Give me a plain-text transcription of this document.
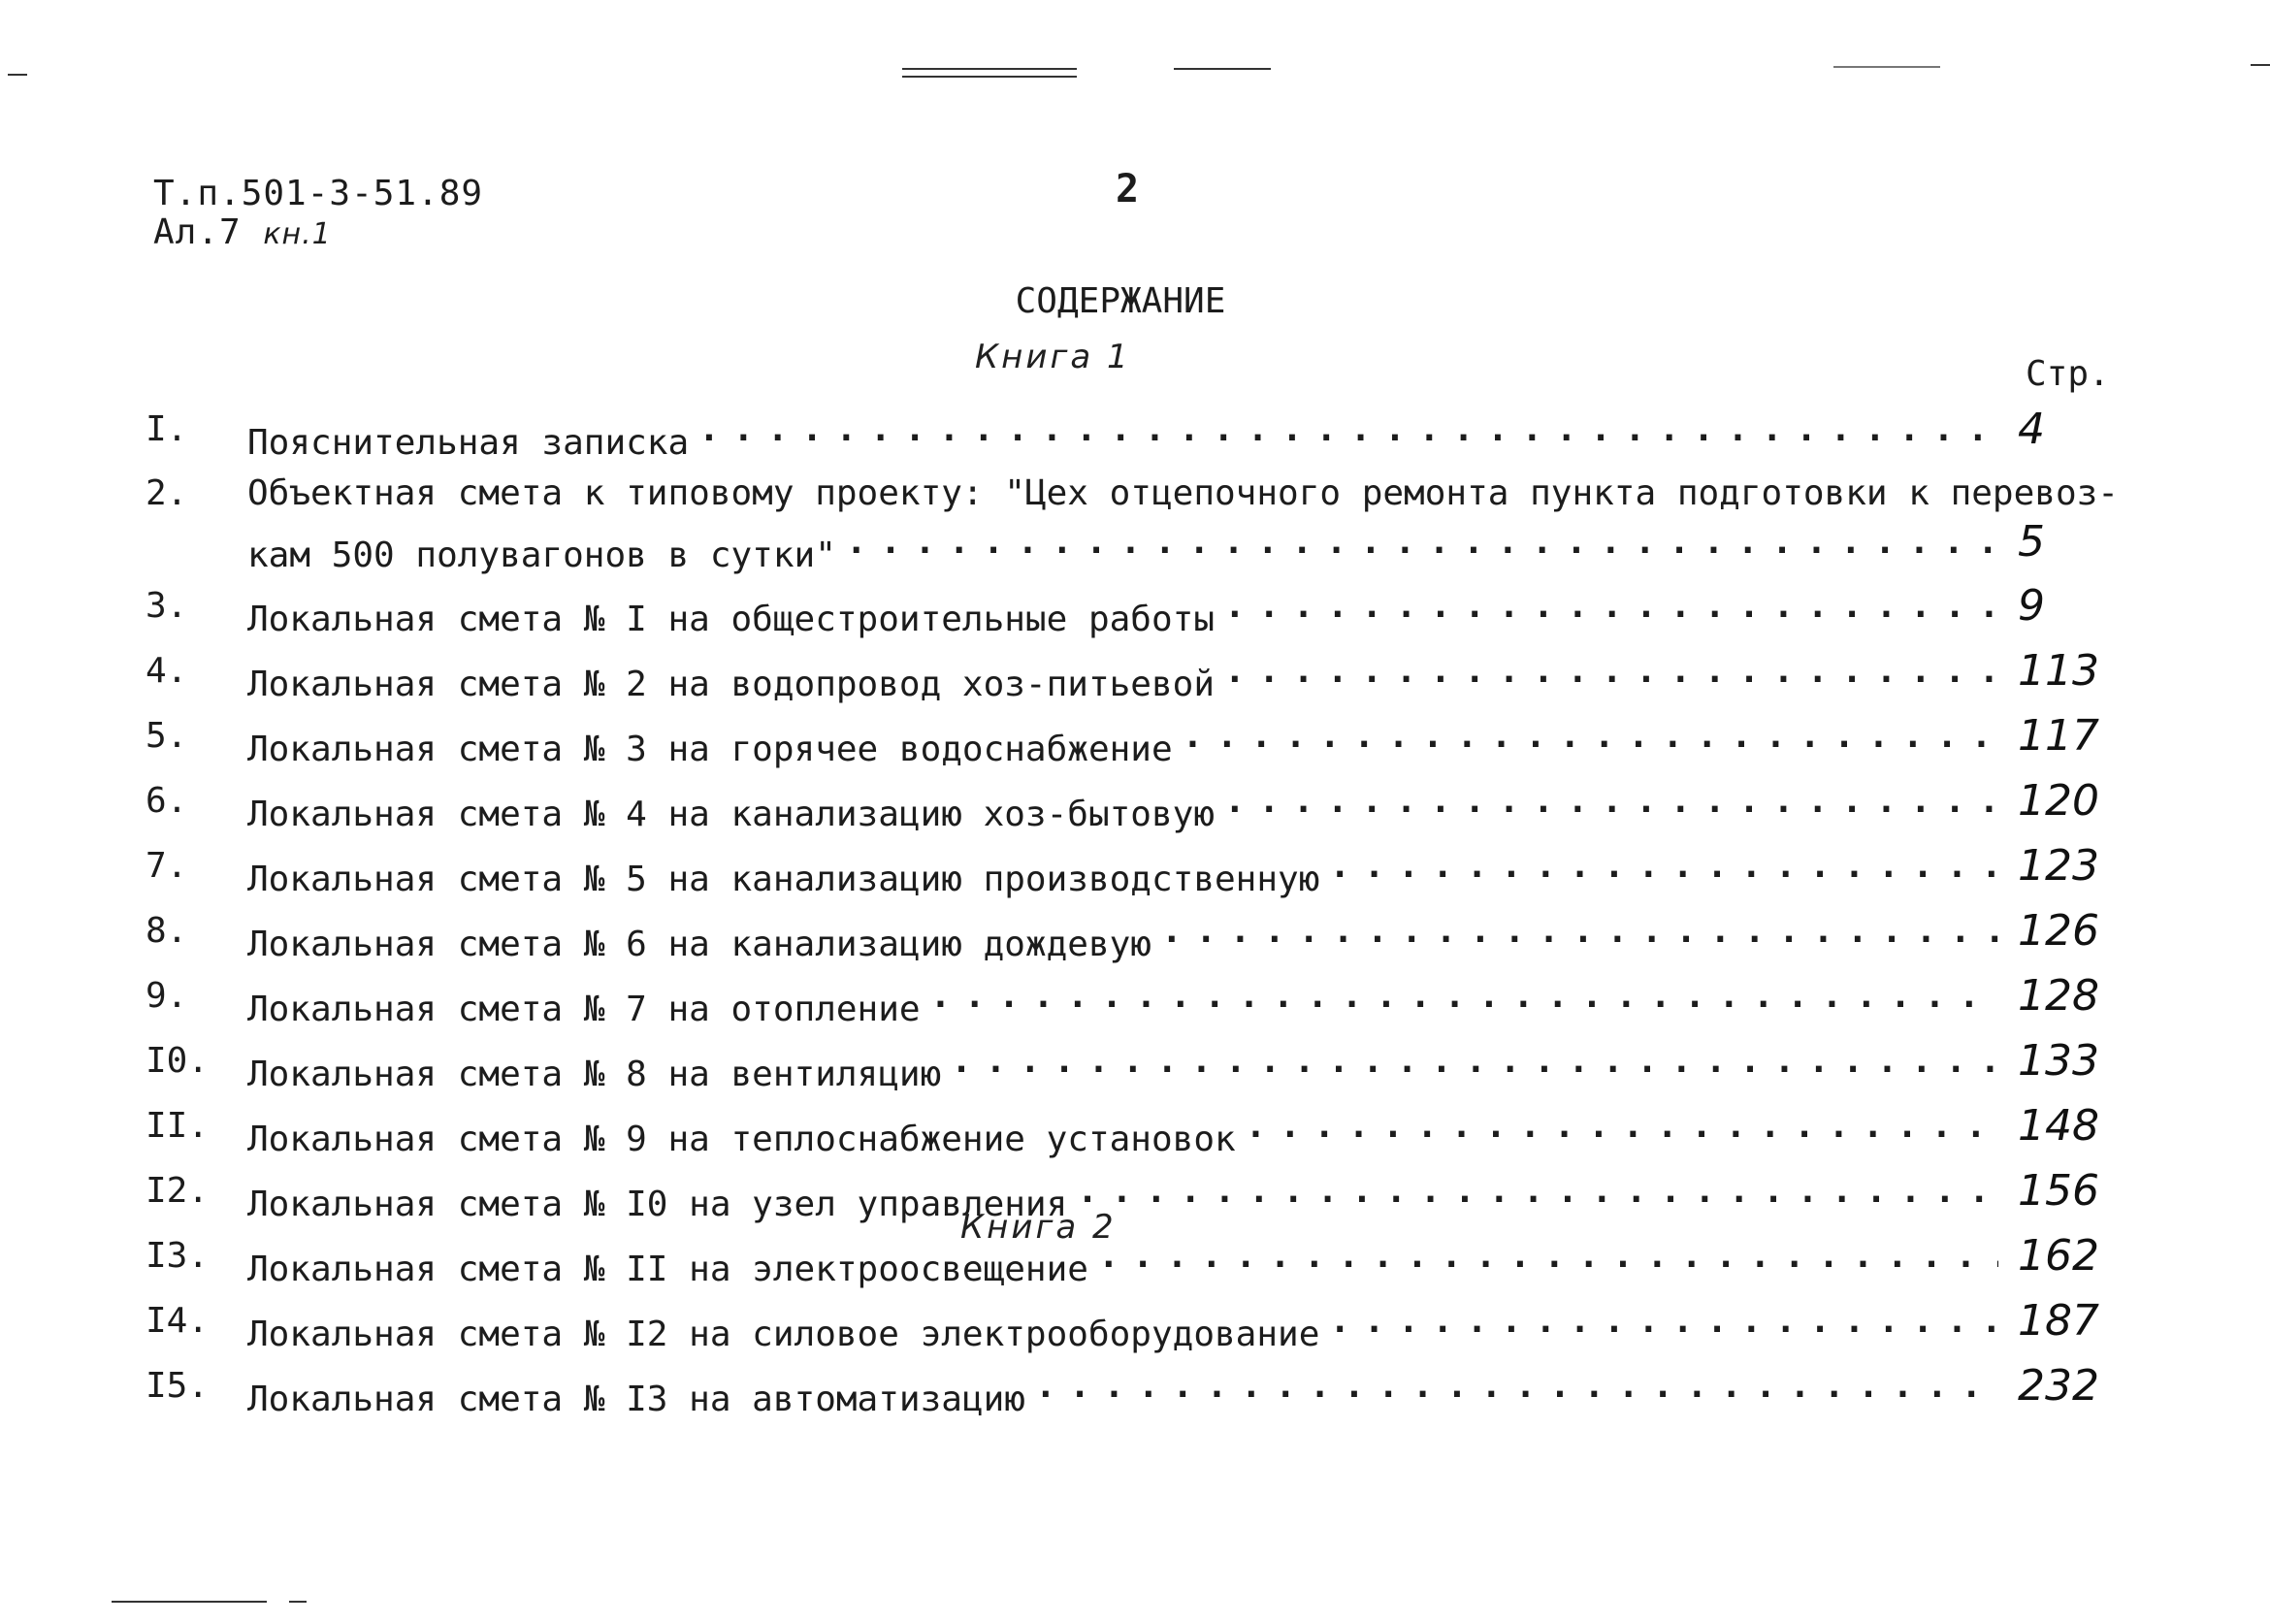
Т.п.501-3-51.89
Ал.7 кн.1
2
СОДЕРЖАНИЕ
Книга 1	Стр.
I.	Пояснительная записка . . .	4
2.	Объектная смета к типовому проекту: "Цех отцепочного ремонта пункта подготовки к перевоз-
кам 500 полувагонов в сутки" . . .	5
3.	Локальная смета № I на общестроительные работы . . .	9
4.	Локальная смета № 2 на водопровод хоз-питьевой . . .	113
5.	Локальная смета № 3 на горячее водоснабжение . . .	117
6.	Локальная смета № 4 на канализацию хоз-бытовую . . .	120
7.	Локальная смета № 5 на канализацию производственную . . .	123
8.	Локальная смета № 6 на канализацию дождевую . . .	126
9.	Локальная смета № 7 на отопление . . .	128
I0.	Локальная смета № 8 на вентиляцию . . .	133
II.	Локальная смета № 9 на теплоснабжение установок . . .	148
I2.	Локальная смета № I0 на узел управления . . .	156
I3.	Локальная смета № II на электроосвещение . . .	162
I4.	Локальная смета № I2 на силовое электрооборудование . . .	187
I5.	Локальная смета № I3 на автоматизацию . . .	232
Книга 2
